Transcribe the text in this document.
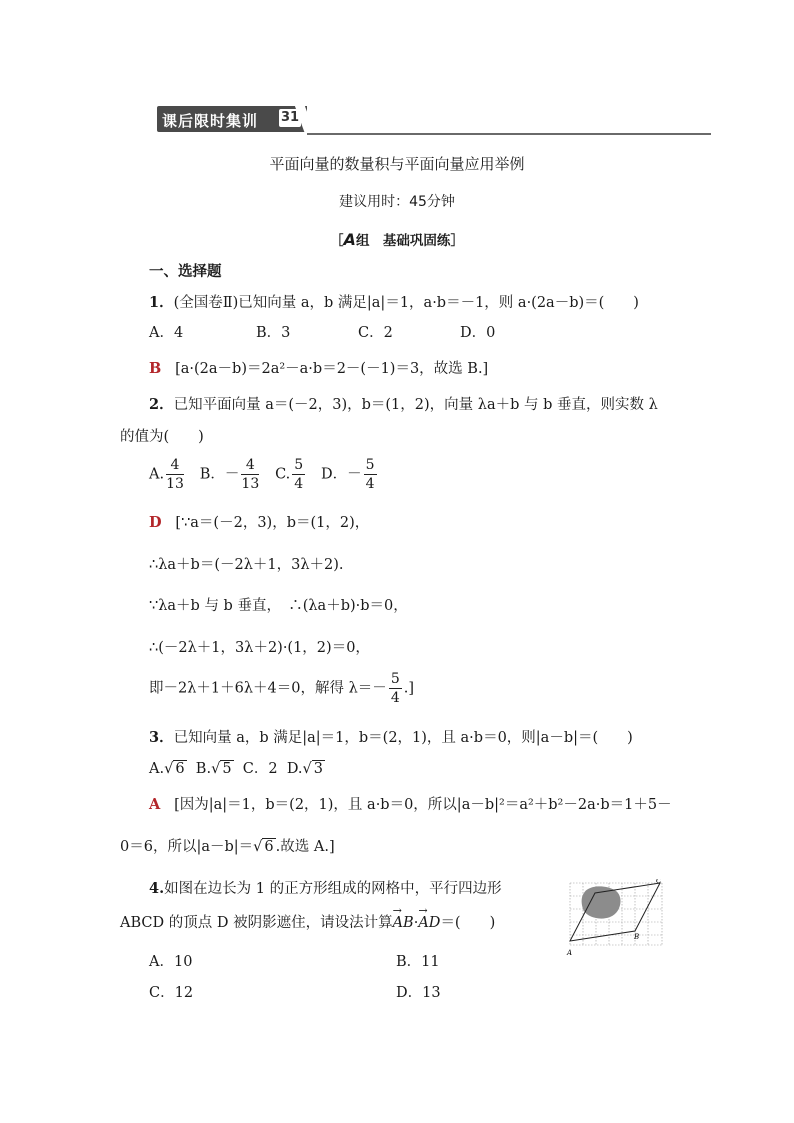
课后限时集训 31
平面向量的数量积与平面向量应用举例
建议用时：45分钟
［A组　基础巩固练］
一、选择题
1．(全国卷Ⅱ)已知向量 a，b 满足|a|＝1，a·b＝－1，则 a·(2a－b)＝(　　)
A．4	B．3	C．2	D．0
B [a·(2a－b)＝2a²－a·b＝2－(－1)＝3，故选 B.]
2．已知平面向量 a＝(－2，3)，b＝(1，2)，向量 λa＋b 与 b 垂直，则实数 λ
的值为(　　)
A. $\frac{4}{13}$ B．－ $\frac{4}{13} C$. $\frac{5}{4}$ D．－ $\frac{5}{4}$
D [∵a＝(－2，3)，b＝(1，2)，
∴λa＋b＝(－2λ＋1，3λ＋2).
∵λa＋b 与 b 垂直，　∴(λa＋b)·b＝0，
∴(－2λ＋1，3λ＋2)·(1，2)＝0，
即－2λ＋1＋6λ＋4＝0，解得 $\lambda=- \frac{5}{4}$ .]
3．已知向量 a，b 满足|a|＝1，b＝(2，1)，且 a·b＝0，则|a－b|＝(　　)
A.√ 6 B.√ 5 C．2 D.√ 3
A [因为|a|＝1，b＝(2，1)，且 a·b＝0，所以|a－b|²＝a²＋b²－2a·b＝1＋5－
0＝6，所以|a－b|＝√ 6 .故选 A.]
4.如图在边长为 1 的正方形组成的网格中，平行四边形
ABCD 的顶点 D 被阴影遮住，请设法计算→ AB·→ AD＝(　　)
A．10	B．11
C．12	D．13
A
B
C
